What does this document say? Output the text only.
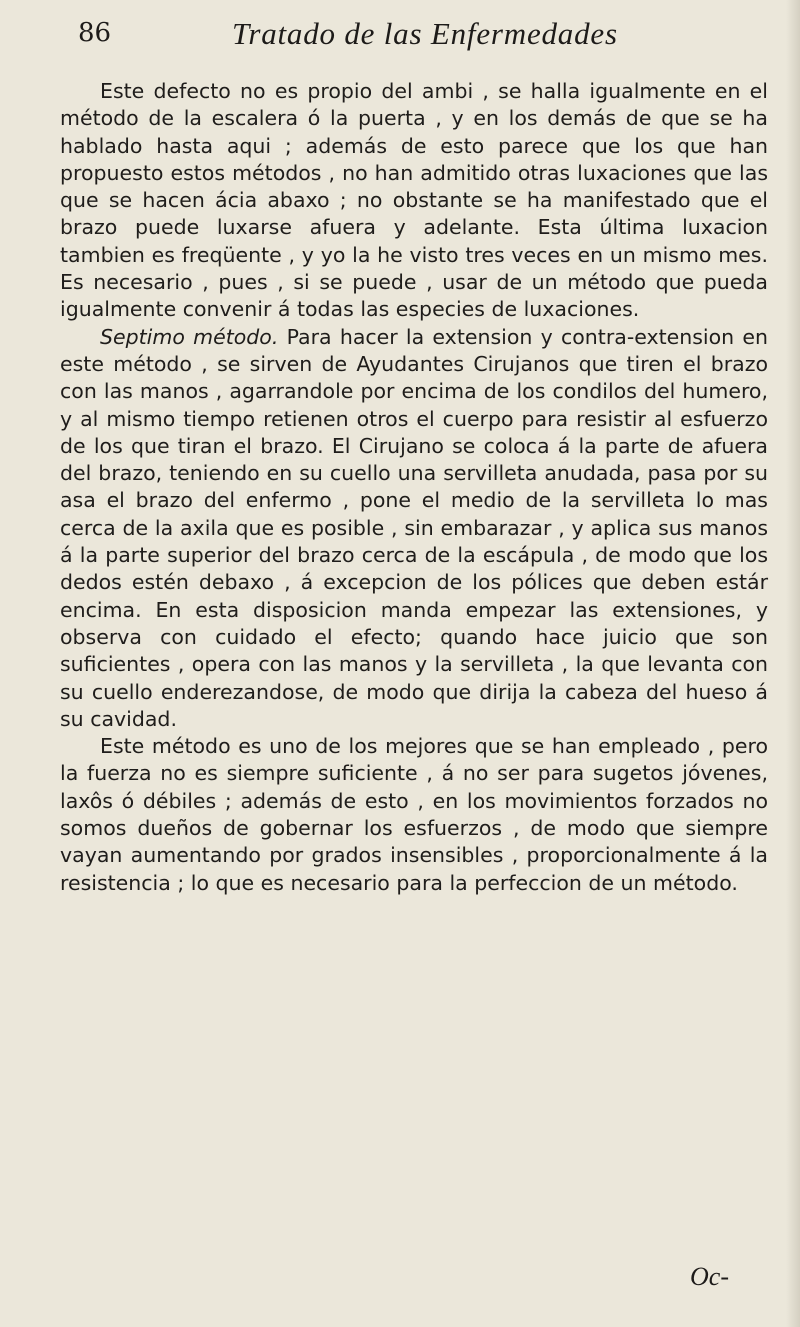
86	Tratado de las Enfermedades

Este defecto no es propio del ambi , se halla igualmente en el método de la escalera ó la puerta , y en los demás de que se ha hablado hasta aqui ; además de esto parece que los que han propuesto estos métodos , no han admitido otras luxaciones que las que se hacen ácia abaxo ; no obstante se ha manifestado que el brazo puede luxarse afuera y adelante. Esta última luxacion tambien es freqüente , y yo la he visto tres veces en un mismo mes. Es necesario , pues , si se puede , usar de un método que pueda igualmente convenir á todas las especies de luxaciones.

Septimo método. Para hacer la extension y contra-extension en este método , se sirven de Ayudantes Cirujanos que tiren el brazo con las manos , agarrandole por encima de los condilos del humero, y al mismo tiempo retienen otros el cuerpo para resistir al esfuerzo de los que tiran el brazo. El Cirujano se coloca á la parte de afuera del brazo, teniendo en su cuello una servilleta anudada, pasa por su asa el brazo del enfermo , pone el medio de la servilleta lo mas cerca de la axila que es posible , sin embarazar , y aplica sus manos á la parte superior del brazo cerca de la escápula , de modo que los dedos estén debaxo , á excepcion de los pólices que deben estár encima. En esta disposicion manda empezar las extensiones, y observa con cuidado el efecto; quando hace juicio que son suficientes , opera con las manos y la servilleta , la que levanta con su cuello enderezandose, de modo que dirija la cabeza del hueso á su cavidad.

Este método es uno de los mejores que se han empleado , pero la fuerza no es siempre suficiente , á no ser para sugetos jóvenes, laxôs ó débiles ; además de esto , en los movimientos forzados no somos dueños de gobernar los esfuerzos , de modo que siempre vayan aumentando por grados insensibles , proporcionalmente á la resistencia ; lo que es necesario para la perfeccion de un método.

Oc-
